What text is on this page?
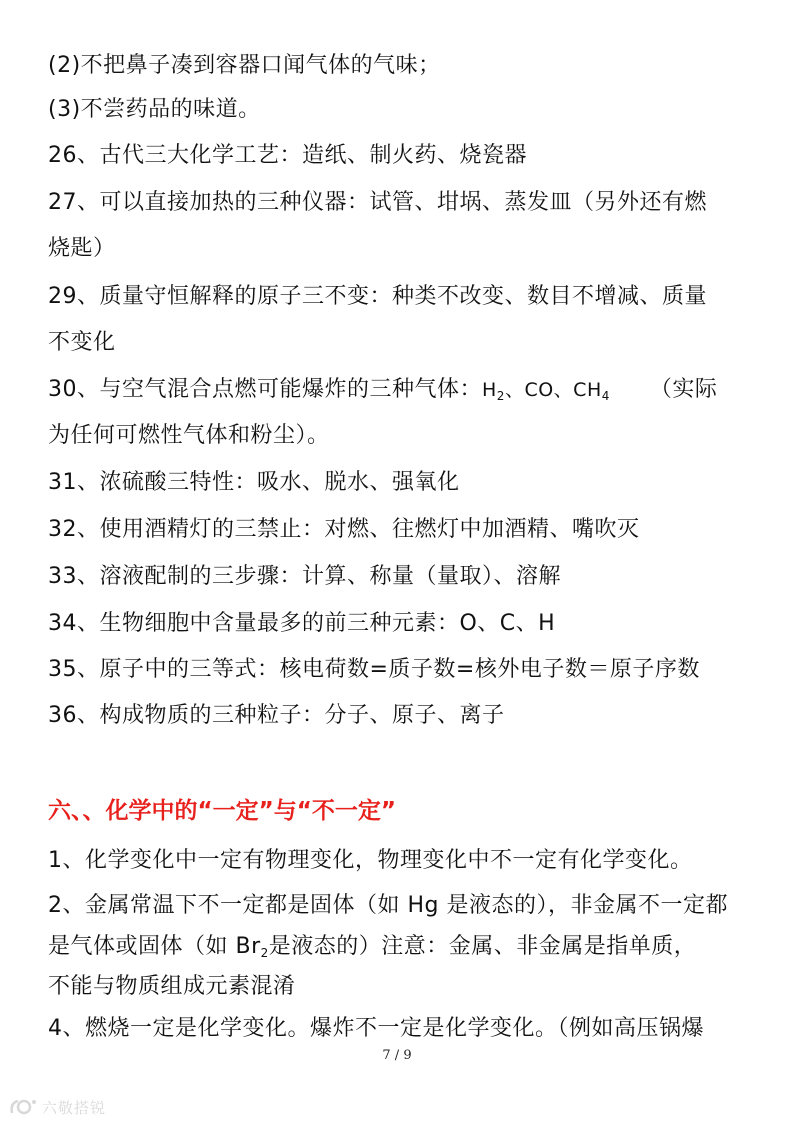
(2)不把鼻子凑到容器口闻气体的气味；
(3)不尝药品的味道。
26、古代三大化学工艺：造纸、制火药、烧瓷器
27、可以直接加热的三种仪器：试管、坩埚、蒸发皿（另外还有燃
烧匙）
29、质量守恒解释的原子三不变：种类不改变、数目不增减、质量
不变化
30、与空气混合点燃可能爆炸的三种气体：$H_2$、CO、$CH_4$ （实际
为任何可燃性气体和粉尘）。
31、浓硫酸三特性：吸水、脱水、强氧化
32、使用酒精灯的三禁止：对燃、往燃灯中加酒精、嘴吹灭
33、溶液配制的三步骤：计算、称量（量取）、溶解
34、生物细胞中含量最多的前三种元素：O、C、H
35、原子中的三等式：核电荷数=质子数=核外电子数＝原子序数
36、构成物质的三种粒子：分子、原子、离子
六、、化学中的“一定”与“不一定”
1、化学变化中一定有物理变化，物理变化中不一定有化学变化。
2、金属常温下不一定都是固体（如 Hg 是液态的），非金属不一定都
是气体或固体（如 $Br_2$是液态的）注意：金属、非金属是指单质，
不能与物质组成元素混淆
4、燃烧一定是化学变化。爆炸不一定是化学变化。（例如高压锅爆
7 / 9
六敬搭锐
